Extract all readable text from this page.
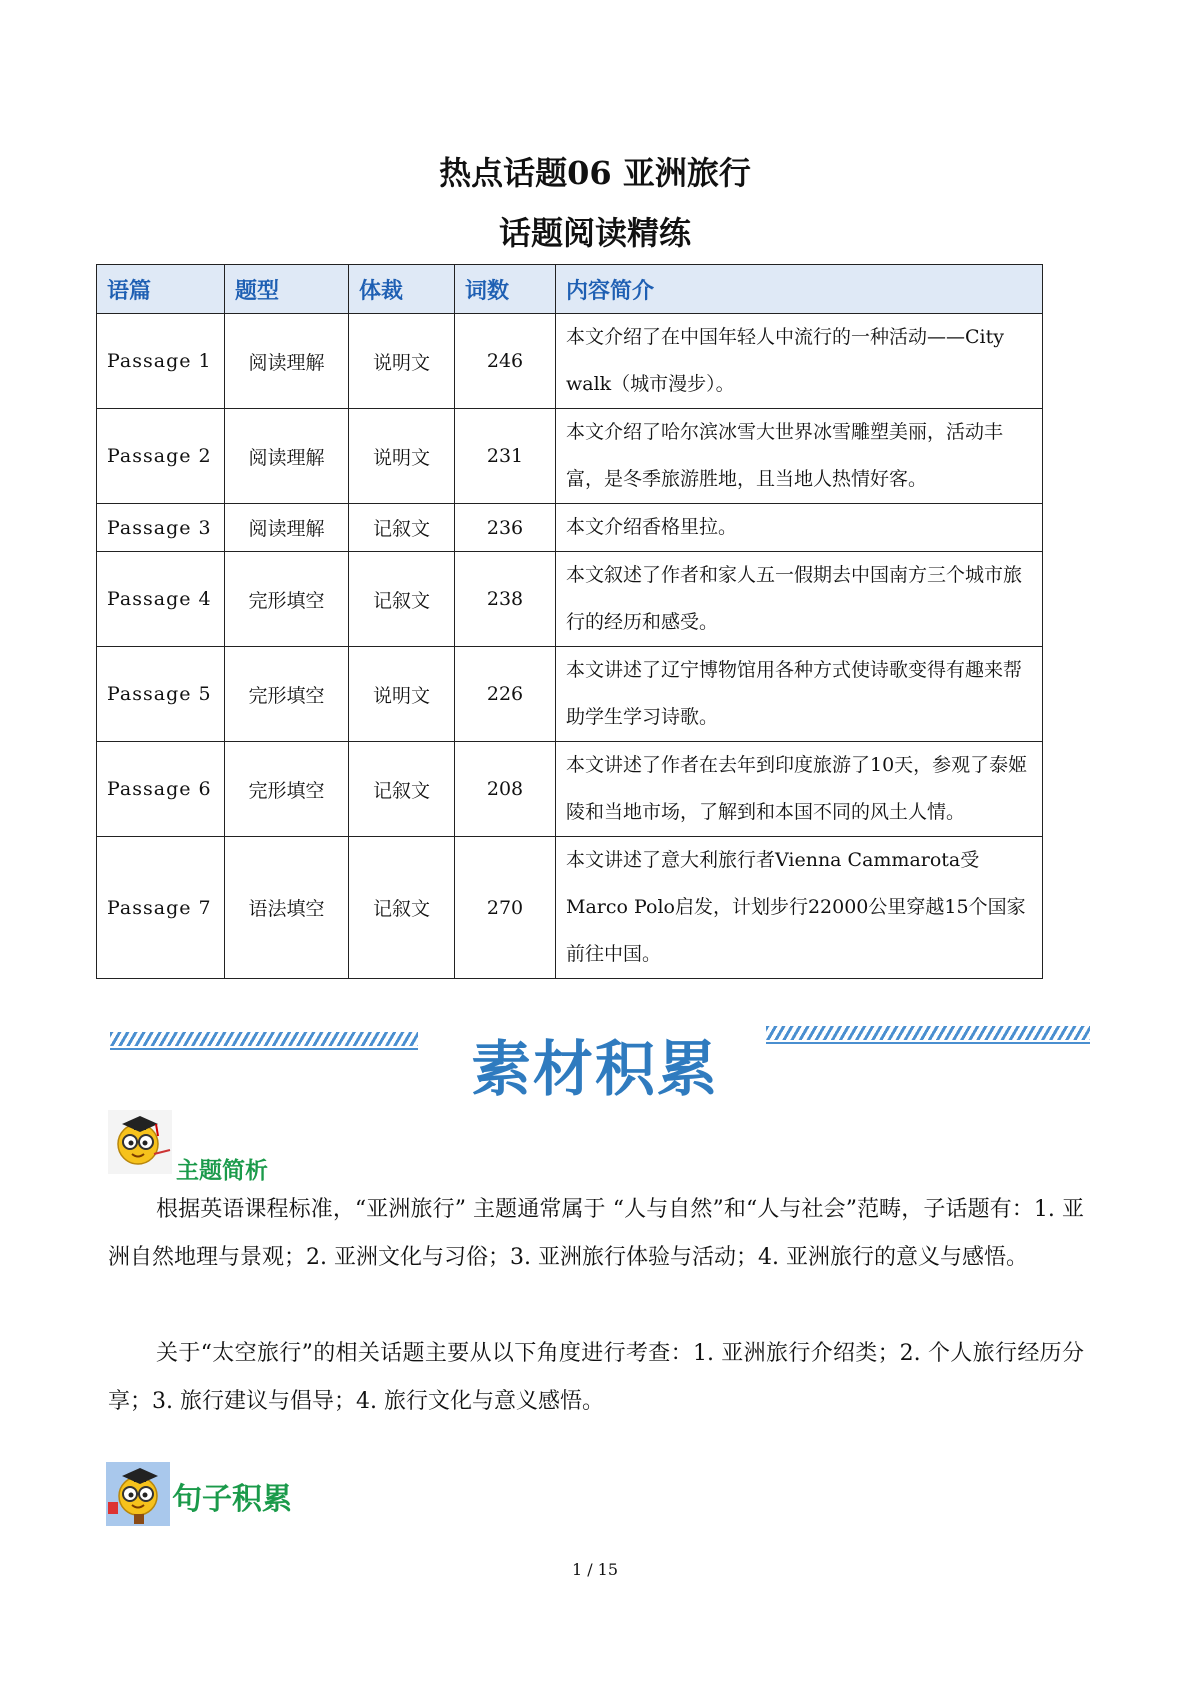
热点话题06 亚洲旅行
话题阅读精练
语篇	题型	体裁	词数	内容简介
Passage 1	阅读理解	说明文	246	本文介绍了在中国年轻人中流行的一种活动——City walk（城市漫步）。
Passage 2	阅读理解	说明文	231	本文介绍了哈尔滨冰雪大世界冰雪雕塑美丽，活动丰富，是冬季旅游胜地，且当地人热情好客。
Passage 3	阅读理解	记叙文	236	本文介绍香格里拉。
Passage 4	完形填空	记叙文	238	本文叙述了作者和家人五一假期去中国南方三个城市旅行的经历和感受。
Passage 5	完形填空	说明文	226	本文讲述了辽宁博物馆用各种方式使诗歌变得有趣来帮助学生学习诗歌。
Passage 6	完形填空	记叙文	208	本文讲述了作者在去年到印度旅游了10天，参观了泰姬陵和当地市场，了解到和本国不同的风土人情。
Passage 7	语法填空	记叙文	270	本文讲述了意大利旅行者Vienna Cammarota受Marco Polo启发，计划步行22000公里穿越15个国家前往中国。
素材积累
主题简析
根据英语课程标准，“亚洲旅行” 主题通常属于 “人与自然”和“人与社会”范畴，子话题有：1. 亚洲自然地理与景观；2. 亚洲文化与习俗；3. 亚洲旅行体验与活动；4. 亚洲旅行的意义与感悟。
关于“太空旅行”的相关话题主要从以下角度进行考查：1. 亚洲旅行介绍类；2. 个人旅行经历分享；3. 旅行建议与倡导；4. 旅行文化与意义感悟。
句子积累
1 / 15
